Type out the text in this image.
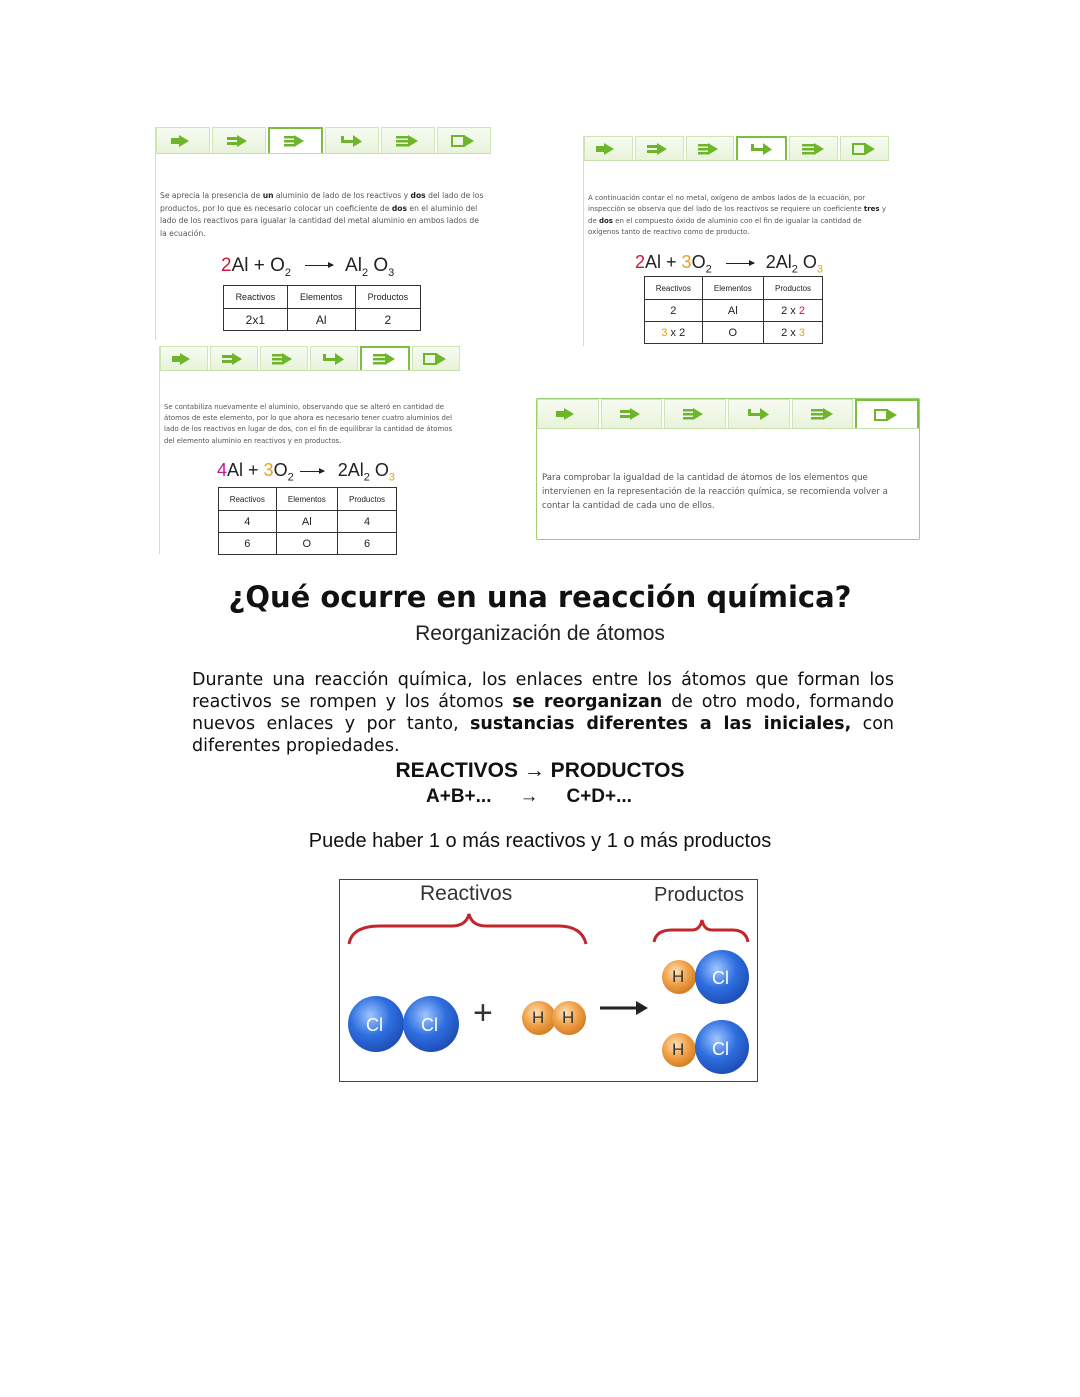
Se aprecia la presencia de un aluminio de lado de los reactivos y dos del lado de los productos, por lo que es necesario colocar un coeficiente de dos en el aluminio del lado de los reactivos para igualar la cantidad del metal aluminio en ambos lados de la ecuación.
$2Al + O_2 \to Al_2$ $O_3$
Reactivos	Elementos	Productos
2x1	Al	2
A continuación contar el no metal, oxígeno de ambos lados de la ecuación, por inspección se observa que del lado de los reactivos se requiere un coeficiente tres y de dos en el compuesto óxido de aluminio con el fin de igualar la cantidad de oxígenos tanto de reactivo como de producto.
$2Al + 3O_2 \to 2Al_2$ $O_3$
Reactivos	Elementos	Productos
2	Al	2 x 2
3 x 2	O	2 x 3
Se contabiliza nuevamente el aluminio, observando que se alteró en cantidad de átomos de este elemento, por lo que ahora es necesario tener cuatro aluminios del lado de los reactivos en lugar de dos, con el fin de equilibrar la cantidad de átomos del elemento aluminio en reactivos y en productos.
$4Al + 3O_2 \to 2Al_2$ $O_3$
Reactivos	Elementos	Productos
4	Al	4
6	O	6
Para comprobar la igualdad de la cantidad de átomos de los elementos que intervienen en la representación de la reacción química, se recomienda volver a contar la cantidad de cada uno de ellos.
¿Qué ocurre en una reacción química?
Reorganización de átomos
Durante una reacción química, los enlaces entre los átomos que forman los reactivos se rompen y los átomos se reorganizan de otro modo, formando nuevos enlaces y por tanto, sustancias diferentes a las iniciales, con diferentes propiedades.
REACTIVOS → PRODUCTOS
A+B+... → C+D+...
Puede haber 1 o más reactivos y 1 o más productos
Reactivos	Productos
Cl Cl + H H
H Cl
H Cl
